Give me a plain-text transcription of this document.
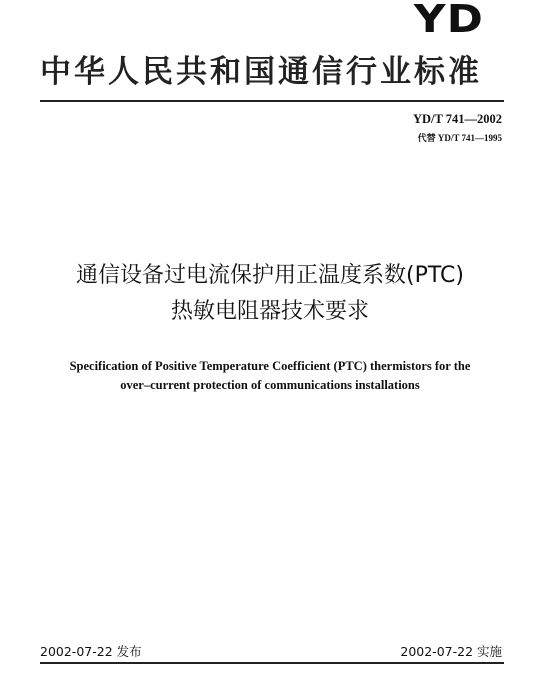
YD
中华人民共和国通信行业标准
YD/T 741—2002
代替 YD/T 741—1995
通信设备过电流保护用正温度系数(PTC)
热敏电阻器技术要求
Specification of Positive Temperature Coefficient (PTC) thermistors for the
over–current protection of communications installations
2002-07-22 发布	2002-07-22 实施
